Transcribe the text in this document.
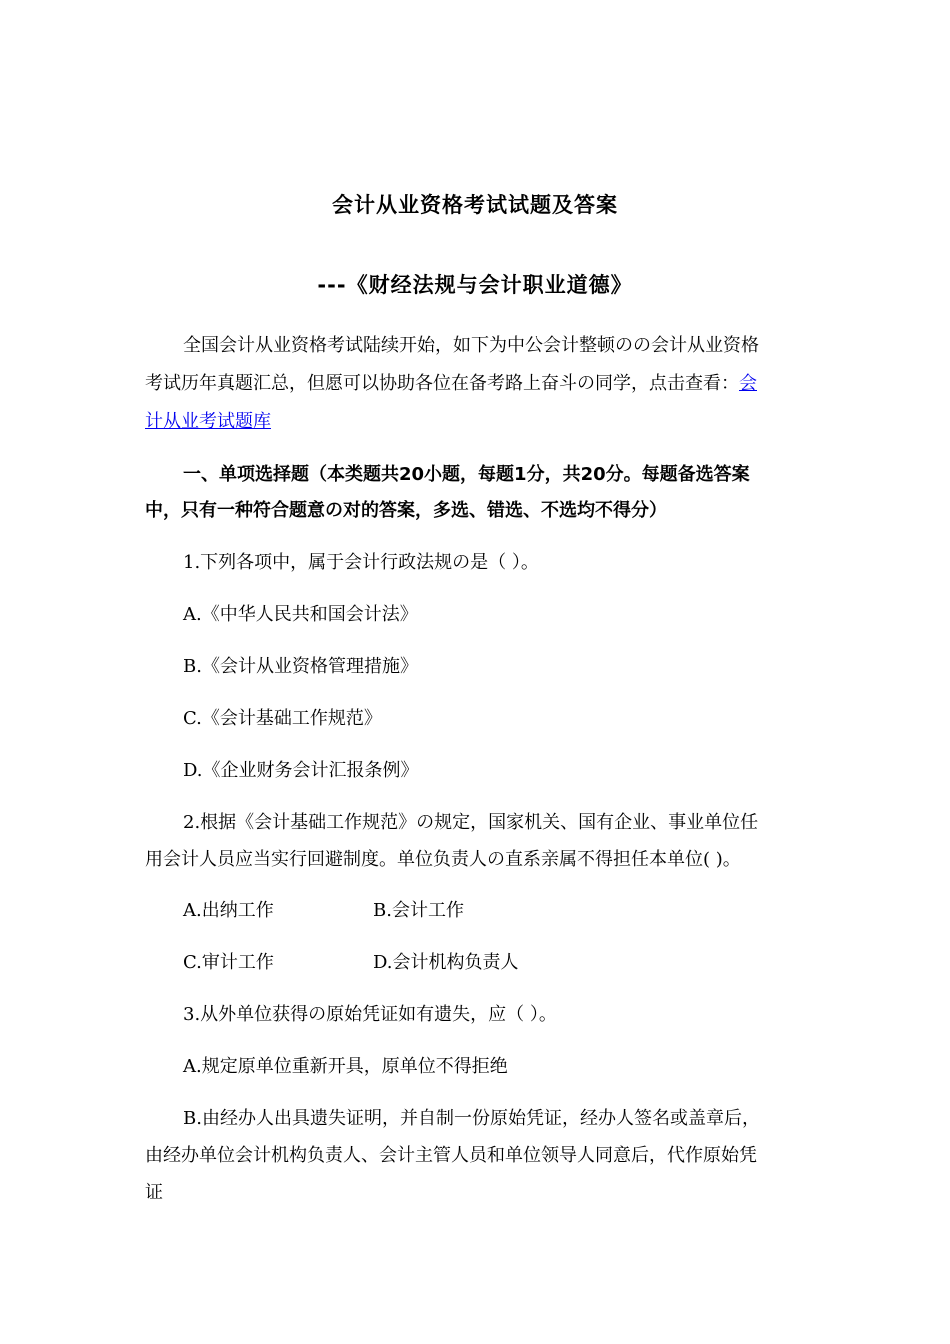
会计从业资格考试试题及答案
---《财经法规与会计职业道德》
全国会计从业资格考试陆续开始，如下为中公会计整顿のの会计从业资格
考试历年真题汇总，但愿可以协助各位在备考路上奋斗の同学，点击查看：会
计从业考试题库
一、单项选择题（本类题共20小题，每题1分，共20分。每题备选答案
中，只有一种符合题意の对的答案，多选、错选、不选均不得分）
1.下列各项中，属于会计行政法规の是（ ）。
A.《中华人民共和国会计法》
B.《会计从业资格管理措施》
C.《会计基础工作规范》
D.《企业财务会计汇报条例》
2.根据《会计基础工作规范》の规定，国家机关、国有企业、事业单位任
用会计人员应当实行回避制度。单位负责人の直系亲属不得担任本单位( )。
A.出纳工作	B.会计工作
C.审计工作	D.会计机构负责人
3.从外单位获得の原始凭证如有遗失，应（ ）。
A.规定原单位重新开具，原单位不得拒绝
B.由经办人出具遗失证明，并自制一份原始凭证，经办人签名或盖章后，
由经办单位会计机构负责人、会计主管人员和单位领导人同意后，代作原始凭
证
